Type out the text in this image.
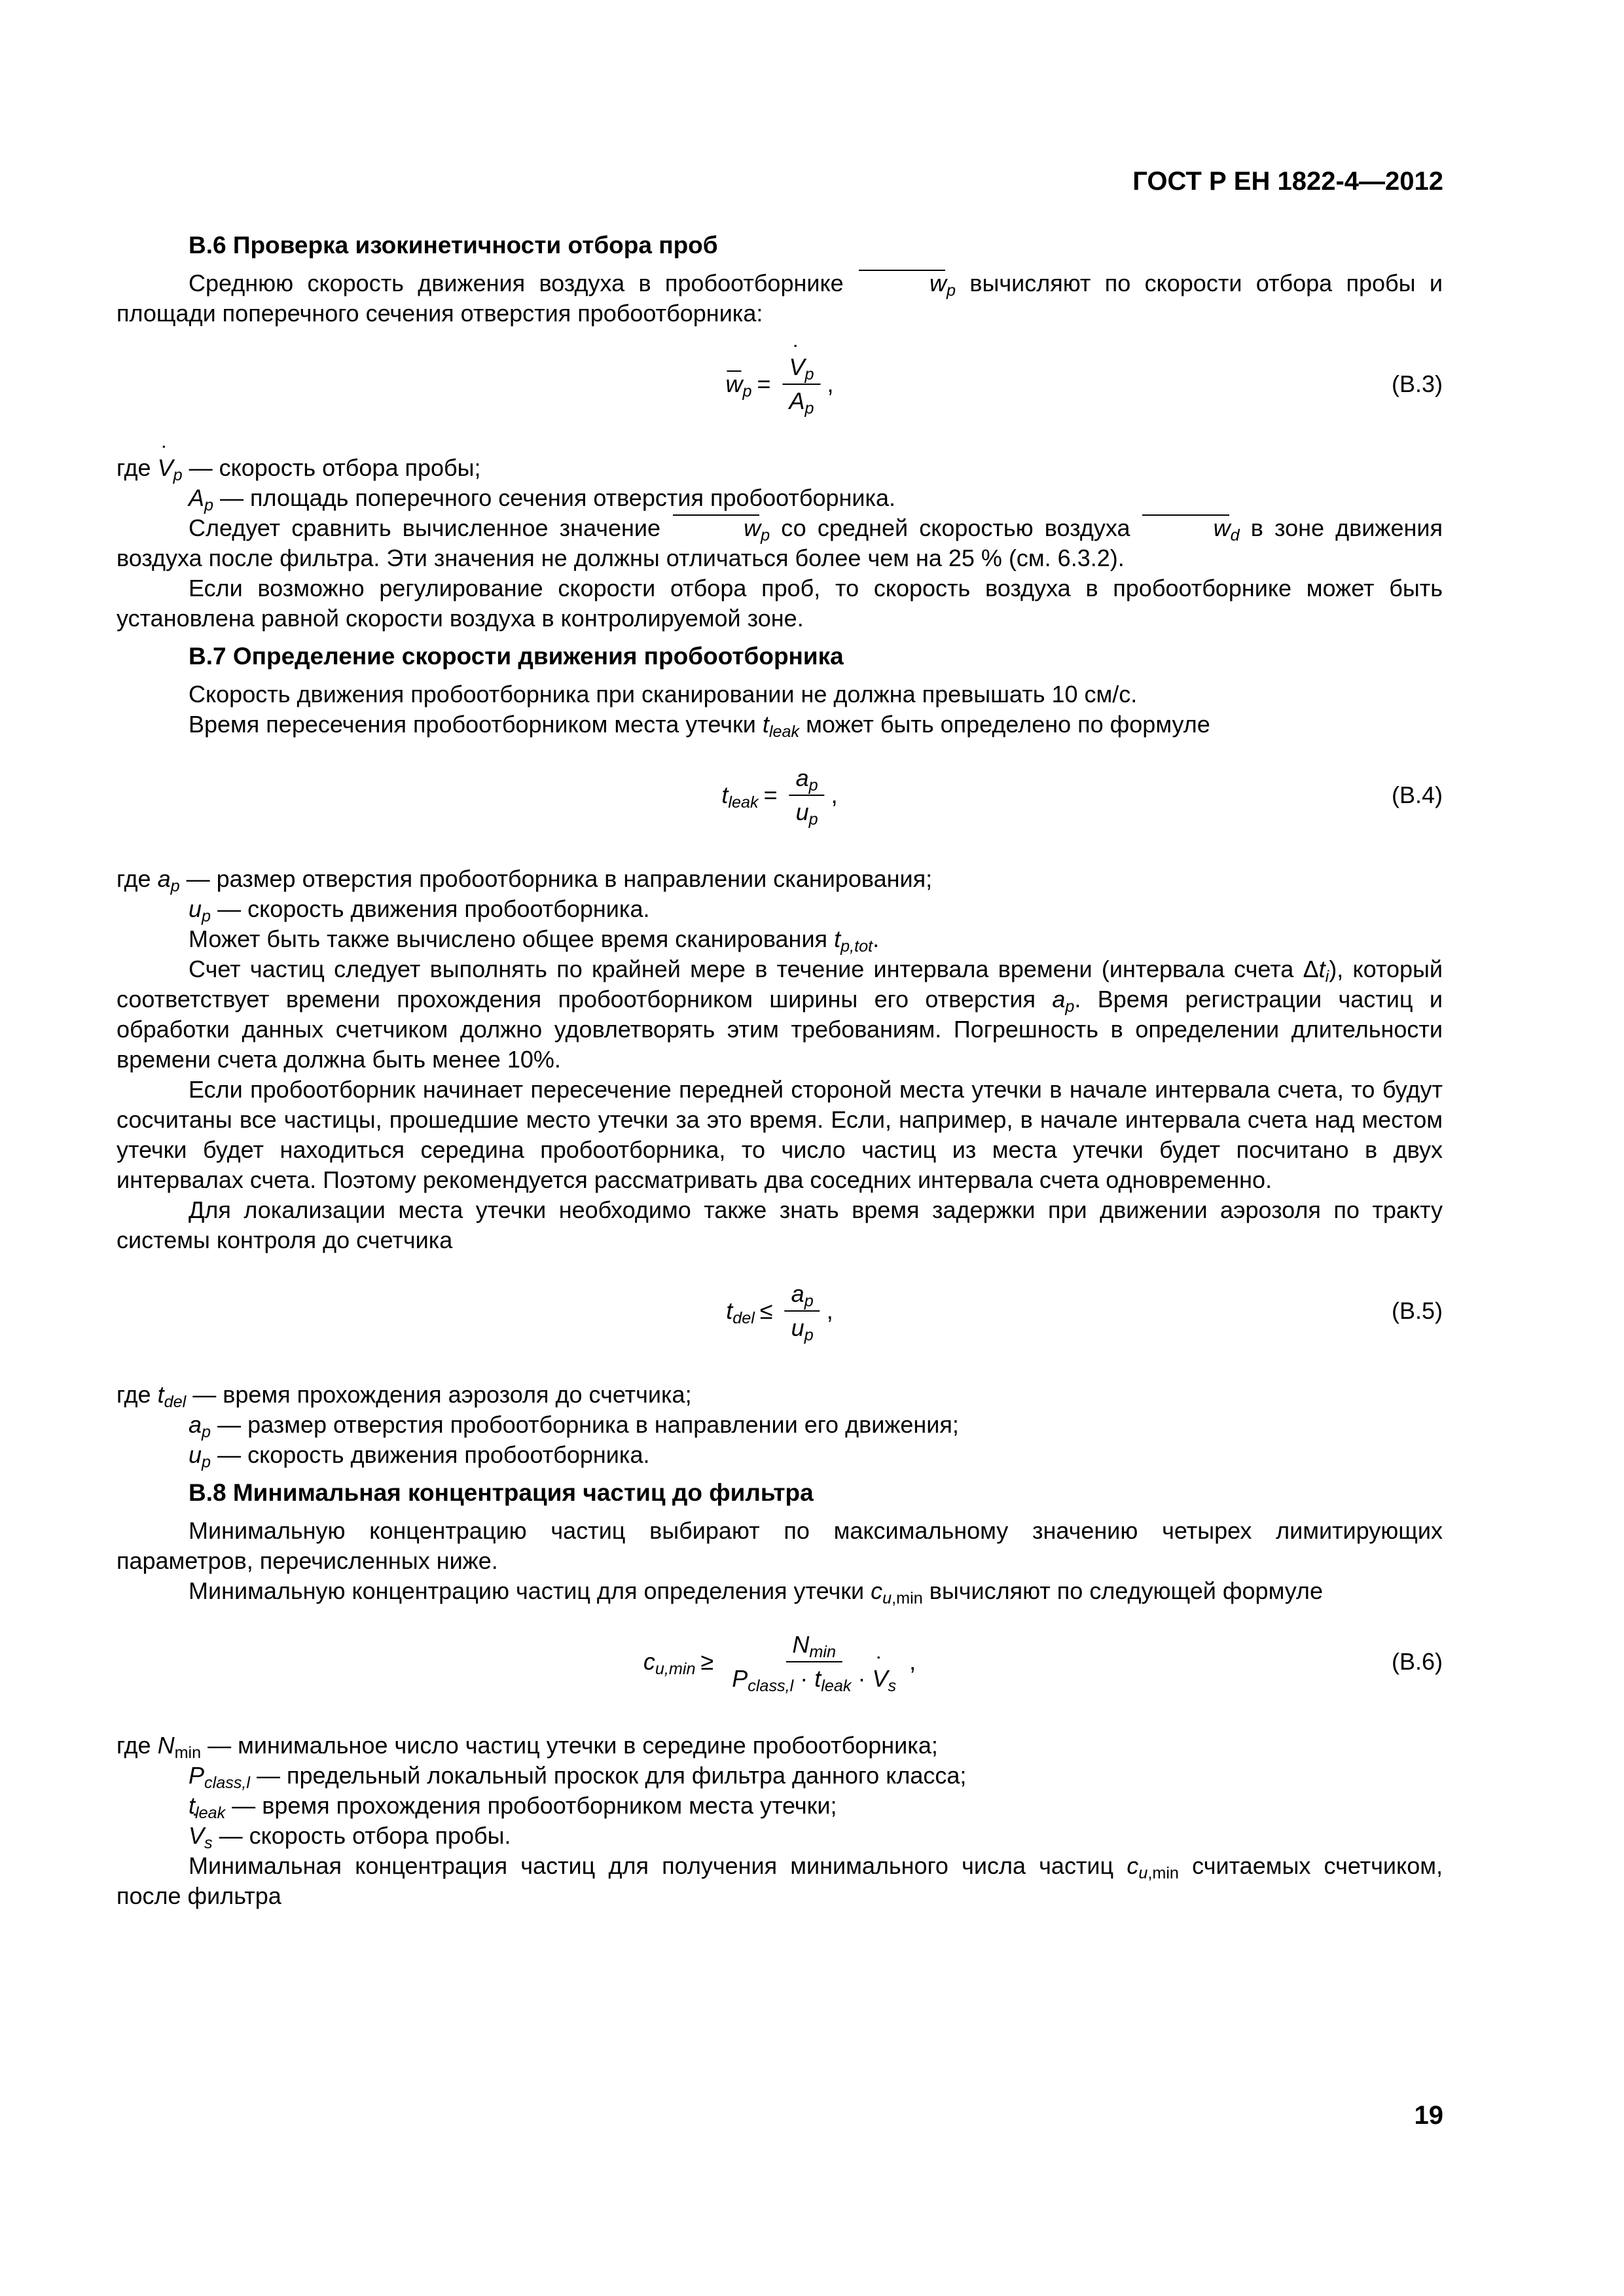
ГОСТ Р ЕН 1822-4—2012

В.6 Проверка изокинетичности отбора проб

Среднюю скорость движения воздуха в пробоотборнике	$w_p$ вычисляют по скорости отбора пробы и площади поперечного сечения отверстия пробоотборника:

$w_p$ = ˙ $\frac{V_p}{A_p}$ ,	(В.3)

где ˙ $V_p$ — скорость отбора пробы;

$A_p$ — площадь поперечного сечения отверстия пробоотборника.

Следует сравнить вычисленное значение	$w_p$ со средней скоростью воздуха	$w_d$ в зоне движения воздуха после фильтра. Эти значения не должны отличаться более чем на 25 % (см. 6.3.2).

Если возможно регулирование скорости отбора проб, то скорость воздуха в пробоотборнике может быть установлена равной скорости воздуха в контролируемой зоне.

В.7 Определение скорости движения пробоотборника

Скорость движения пробоотборника при сканировании не должна превышать 10 см/с.

Время пересечения пробоотборником места утечки $t_{leak}$ может быть определено по формуле

$t_{leak} = \frac{a_p}{u_p}$ ,	(В.4)

где $a_p$ — размер отверстия пробоотборника в направлении сканирования;

$u_p$ — скорость движения пробоотборника.

Может быть также вычислено общее время сканирования $t_{p,tot}$.

Счет частиц следует выполнять по крайней мере в течение интервала времени (интервала счета $\Delta t_i$), который соответствует времени прохождения пробоотборником ширины его отверстия $a_p$. Время регистрации частиц и обработки данных счетчиком должно удовлетворять этим требованиям. Погрешность в определении длительности времени счета должна быть менее 10%.

Если пробоотборник начинает пересечение передней стороной места утечки в начале интервала счета, то будут сосчитаны все частицы, прошедшие место утечки за это время. Если, например, в начале интервала счета над местом утечки будет находиться середина пробоотборника, то число частиц из места утечки будет посчитано в двух интервалах счета. Поэтому рекомендуется рассматривать два соседних интервала счета одновременно.

Для локализации места утечки необходимо также знать время задержки при движении аэрозоля по тракту системы контроля до счетчика

$t_{del} \le \frac{a_p}{u_p}$ ,	(В.5)

где $t_{del}$ — время прохождения аэрозоля до счетчика;

$a_p$ — размер отверстия пробоотборника в направлении его движения;

$u_p$ — скорость движения пробоотборника.

В.8 Минимальная концентрация частиц до фильтра

Минимальную концентрацию частиц выбирают по максимальному значению четырех лимитирующих параметров, перечисленных ниже.

Минимальную концентрацию частиц для определения утечки $c_{u,min}$ вычисляют по следующей формуле

$c_{u,min} \ge \frac{N_{min}}{P_{class,l} \cdot t_{leak} \cdot ˙ V_s}$ ,	(В.6)

где $N_{min}$ — минимальное число частиц утечки в середине пробоотборника;

$P_{class,l}$ — предельный локальный проскок для фильтра данного класса;

$t_{leak}$ — время прохождения пробоотборником места утечки;

˙ $V_s$ — скорость отбора пробы.

Минимальная концентрация частиц для получения минимального числа частиц $c_{u,min}$ считаемых счетчиком, после фильтра

19
